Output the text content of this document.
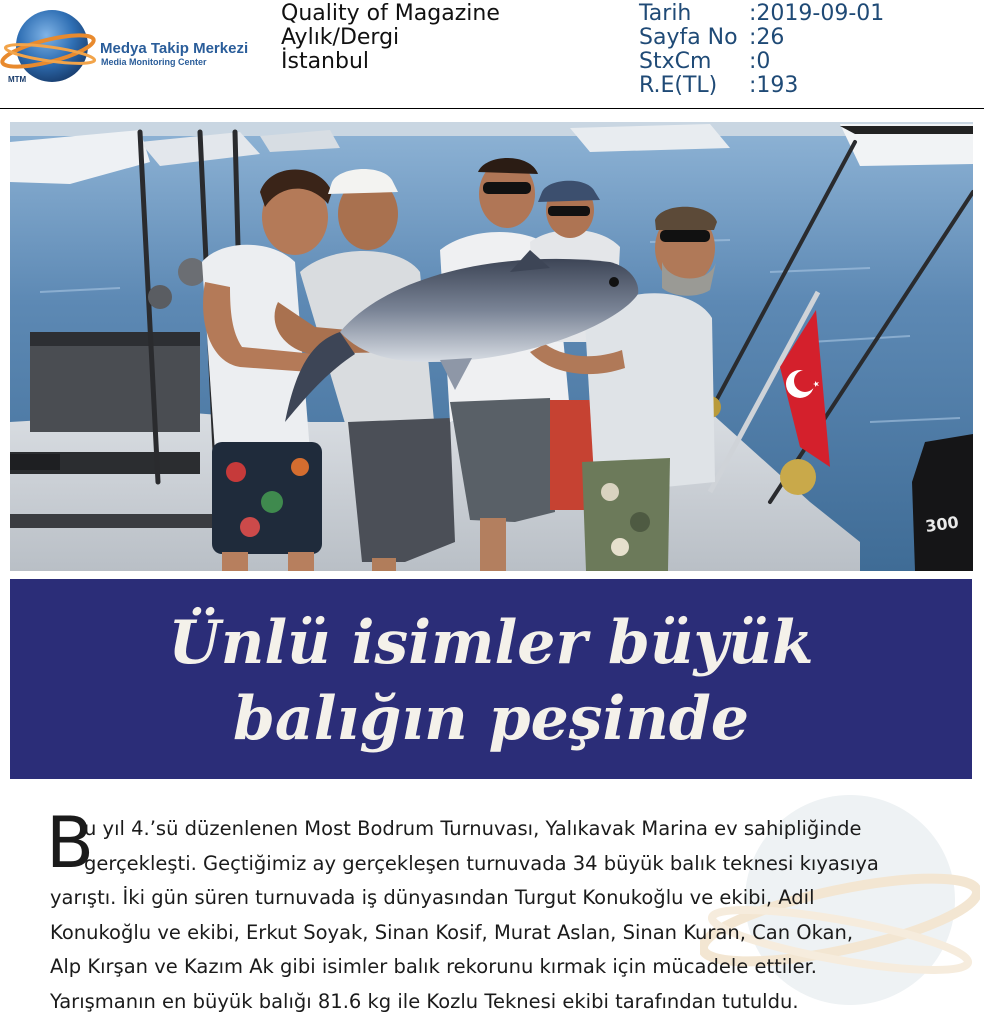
MTM
Medya Takip Merkezi
Media Monitoring Center
Quality of Magazine
Aylık/Dergi
İstanbul
Tarih	:2019-09-01
Sayfa No :26
StxCm	:0
R.E(TL)	:193
300
Ünlü isimler büyük
balığın peşinde
B
u yıl 4.’sü düzenlenen Most Bodrum Turnuvası, Yalıkavak Marina ev sahipliğinde
gerçekleşti. Geçtiğimiz ay gerçekleşen turnuvada 34 büyük balık teknesi kıyasıya
yarıştı. İki gün süren turnuvada iş dünyasından Turgut Konukoğlu ve ekibi, Adil
Konukoğlu ve ekibi, Erkut Soyak, Sinan Kosif, Murat Aslan, Sinan Kuran, Can Okan,
Alp Kırşan ve Kazım Ak gibi isimler balık rekorunu kırmak için mücadele ettiler.
Yarışmanın en büyük balığı 81.6 kg ile Kozlu Teknesi ekibi tarafından tutuldu.
